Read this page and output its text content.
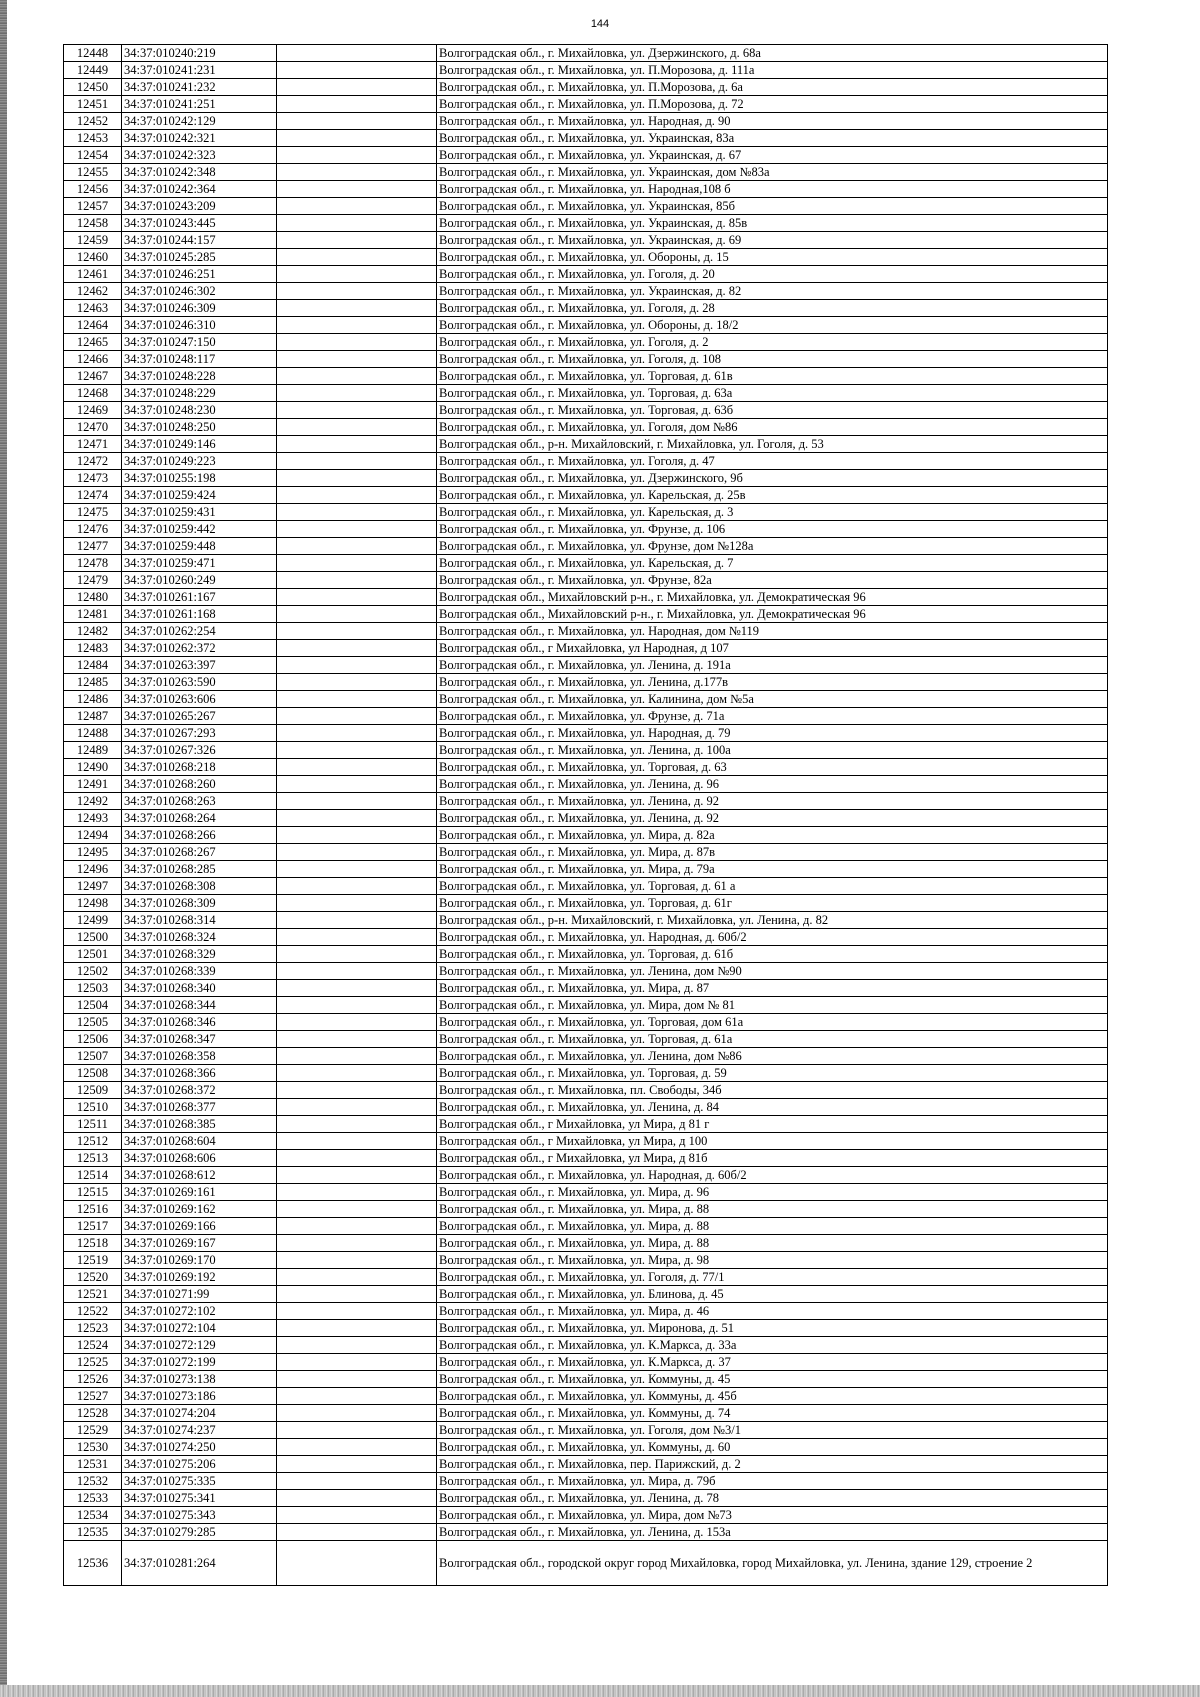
144
12448	34:37:010240:219		Волгоградская обл., г. Михайловка, ул. Дзержинского, д. 68а
12449	34:37:010241:231		Волгоградская обл., г. Михайловка, ул. П.Морозова, д. 111а
12450	34:37:010241:232		Волгоградская обл., г. Михайловка, ул. П.Морозова, д. 6а
12451	34:37:010241:251		Волгоградская обл., г. Михайловка, ул. П.Морозова, д. 72
12452	34:37:010242:129		Волгоградская обл., г. Михайловка, ул. Народная, д. 90
12453	34:37:010242:321		Волгоградская обл., г. Михайловка, ул. Украинская, 83а
12454	34:37:010242:323		Волгоградская обл., г. Михайловка, ул. Украинская, д. 67
12455	34:37:010242:348		Волгоградская обл., г. Михайловка, ул. Украинская, дом №83а
12456	34:37:010242:364		Волгоградская обл., г. Михайловка, ул. Народная,108 б
12457	34:37:010243:209		Волгоградская обл., г. Михайловка, ул. Украинская, 85б
12458	34:37:010243:445		Волгоградская обл., г. Михайловка, ул. Украинская, д. 85в
12459	34:37:010244:157		Волгоградская обл., г. Михайловка, ул. Украинская, д. 69
12460	34:37:010245:285		Волгоградская обл., г. Михайловка, ул. Обороны, д. 15
12461	34:37:010246:251		Волгоградская обл., г. Михайловка, ул. Гоголя, д. 20
12462	34:37:010246:302		Волгоградская обл., г. Михайловка, ул. Украинская, д. 82
12463	34:37:010246:309		Волгоградская обл., г. Михайловка, ул. Гоголя, д. 28
12464	34:37:010246:310		Волгоградская обл., г. Михайловка, ул. Обороны, д. 18/2
12465	34:37:010247:150		Волгоградская обл., г. Михайловка, ул. Гоголя, д. 2
12466	34:37:010248:117		Волгоградская обл., г. Михайловка, ул. Гоголя, д. 108
12467	34:37:010248:228		Волгоградская обл., г. Михайловка, ул. Торговая, д. 61в
12468	34:37:010248:229		Волгоградская обл., г. Михайловка, ул. Торговая, д. 63а
12469	34:37:010248:230		Волгоградская обл., г. Михайловка, ул. Торговая, д. 63б
12470	34:37:010248:250		Волгоградская обл., г. Михайловка, ул. Гоголя, дом №86
12471	34:37:010249:146		Волгоградская обл., р-н. Михайловский, г. Михайловка, ул. Гоголя, д. 53
12472	34:37:010249:223		Волгоградская обл., г. Михайловка, ул. Гоголя, д. 47
12473	34:37:010255:198		Волгоградская обл., г. Михайловка, ул. Дзержинского, 9б
12474	34:37:010259:424		Волгоградская обл., г. Михайловка, ул. Карельская, д. 25в
12475	34:37:010259:431		Волгоградская обл., г. Михайловка, ул. Карельская, д. 3
12476	34:37:010259:442		Волгоградская обл., г. Михайловка, ул. Фрунзе, д. 106
12477	34:37:010259:448		Волгоградская обл., г. Михайловка, ул. Фрунзе, дом №128а
12478	34:37:010259:471		Волгоградская обл., г. Михайловка, ул. Карельская, д. 7
12479	34:37:010260:249		Волгоградская обл., г. Михайловка, ул. Фрунзе, 82а
12480	34:37:010261:167		Волгоградская обл., Михайловский р-н., г. Михайловка, ул. Демократическая 96
12481	34:37:010261:168		Волгоградская обл., Михайловский р-н., г. Михайловка, ул. Демократическая 96
12482	34:37:010262:254		Волгоградская обл., г. Михайловка, ул. Народная, дом №119
12483	34:37:010262:372		Волгоградская обл., г Михайловка, ул Народная, д 107
12484	34:37:010263:397		Волгоградская обл., г. Михайловка, ул. Ленина, д. 191а
12485	34:37:010263:590		Волгоградская обл., г. Михайловка, ул. Ленина, д.177в
12486	34:37:010263:606		Волгоградская обл., г. Михайловка, ул. Калинина, дом №5а
12487	34:37:010265:267		Волгоградская обл., г. Михайловка, ул. Фрунзе, д. 71а
12488	34:37:010267:293		Волгоградская обл., г. Михайловка, ул. Народная, д. 79
12489	34:37:010267:326		Волгоградская обл., г. Михайловка, ул. Ленина, д. 100а
12490	34:37:010268:218		Волгоградская обл., г. Михайловка, ул. Торговая, д. 63
12491	34:37:010268:260		Волгоградская обл., г. Михайловка, ул. Ленина, д. 96
12492	34:37:010268:263		Волгоградская обл., г. Михайловка, ул. Ленина, д. 92
12493	34:37:010268:264		Волгоградская обл., г. Михайловка, ул. Ленина, д. 92
12494	34:37:010268:266		Волгоградская обл., г. Михайловка, ул. Мира, д. 82а
12495	34:37:010268:267		Волгоградская обл., г. Михайловка, ул. Мира, д. 87в
12496	34:37:010268:285		Волгоградская обл., г. Михайловка, ул. Мира, д. 79а
12497	34:37:010268:308		Волгоградская обл., г. Михайловка, ул. Торговая, д. 61 а
12498	34:37:010268:309		Волгоградская обл., г. Михайловка, ул. Торговая, д. 61г
12499	34:37:010268:314		Волгоградская обл., р-н. Михайловский, г. Михайловка, ул. Ленина, д. 82
12500	34:37:010268:324		Волгоградская обл., г. Михайловка, ул. Народная, д. 60б/2
12501	34:37:010268:329		Волгоградская обл., г. Михайловка, ул. Торговая, д. 61б
12502	34:37:010268:339		Волгоградская обл., г. Михайловка, ул. Ленина, дом №90
12503	34:37:010268:340		Волгоградская обл., г. Михайловка, ул. Мира, д. 87
12504	34:37:010268:344		Волгоградская обл., г. Михайловка, ул. Мира, дом № 81
12505	34:37:010268:346		Волгоградская обл., г. Михайловка, ул. Торговая, дом 61а
12506	34:37:010268:347		Волгоградская обл., г. Михайловка, ул. Торговая, д. 61а
12507	34:37:010268:358		Волгоградская обл., г. Михайловка, ул. Ленина, дом №86
12508	34:37:010268:366		Волгоградская обл., г. Михайловка, ул. Торговая, д. 59
12509	34:37:010268:372		Волгоградская обл., г. Михайловка, пл. Свободы, 34б
12510	34:37:010268:377		Волгоградская обл., г. Михайловка, ул. Ленина, д. 84
12511	34:37:010268:385		Волгоградская обл., г Михайловка, ул Мира, д 81 г
12512	34:37:010268:604		Волгоградская обл., г Михайловка, ул Мира, д 100
12513	34:37:010268:606		Волгоградская обл., г Михайловка, ул Мира, д 81б
12514	34:37:010268:612		Волгоградская обл., г. Михайловка, ул. Народная, д. 60б/2
12515	34:37:010269:161		Волгоградская обл., г. Михайловка, ул. Мира, д. 96
12516	34:37:010269:162		Волгоградская обл., г. Михайловка, ул. Мира, д. 88
12517	34:37:010269:166		Волгоградская обл., г. Михайловка, ул. Мира, д. 88
12518	34:37:010269:167		Волгоградская обл., г. Михайловка, ул. Мира, д. 88
12519	34:37:010269:170		Волгоградская обл., г. Михайловка, ул. Мира, д. 98
12520	34:37:010269:192		Волгоградская обл., г. Михайловка, ул. Гоголя, д. 77/1
12521	34:37:010271:99		Волгоградская обл., г. Михайловка, ул. Блинова, д. 45
12522	34:37:010272:102		Волгоградская обл., г. Михайловка, ул. Мира, д. 46
12523	34:37:010272:104		Волгоградская обл., г. Михайловка, ул. Миронова, д. 51
12524	34:37:010272:129		Волгоградская обл., г. Михайловка, ул. К.Маркса, д. 33а
12525	34:37:010272:199		Волгоградская обл., г. Михайловка, ул. К.Маркса, д. 37
12526	34:37:010273:138		Волгоградская обл., г. Михайловка, ул. Коммуны, д. 45
12527	34:37:010273:186		Волгоградская обл., г. Михайловка, ул. Коммуны, д. 45б
12528	34:37:010274:204		Волгоградская обл., г. Михайловка, ул. Коммуны, д. 74
12529	34:37:010274:237		Волгоградская обл., г. Михайловка, ул. Гоголя, дом №3/1
12530	34:37:010274:250		Волгоградская обл., г. Михайловка, ул. Коммуны, д. 60
12531	34:37:010275:206		Волгоградская обл., г. Михайловка, пер. Парижский, д. 2
12532	34:37:010275:335		Волгоградская обл., г. Михайловка, ул. Мира, д. 79б
12533	34:37:010275:341		Волгоградская обл., г. Михайловка, ул. Ленина, д. 78
12534	34:37:010275:343		Волгоградская обл., г. Михайловка, ул. Мира, дом №73
12535	34:37:010279:285		Волгоградская обл., г. Михайловка, ул. Ленина, д. 153а
12536	34:37:010281:264		Волгоградская обл., городской округ город Михайловка, город Михайловка, ул. Ленина, здание 129, строение 2
